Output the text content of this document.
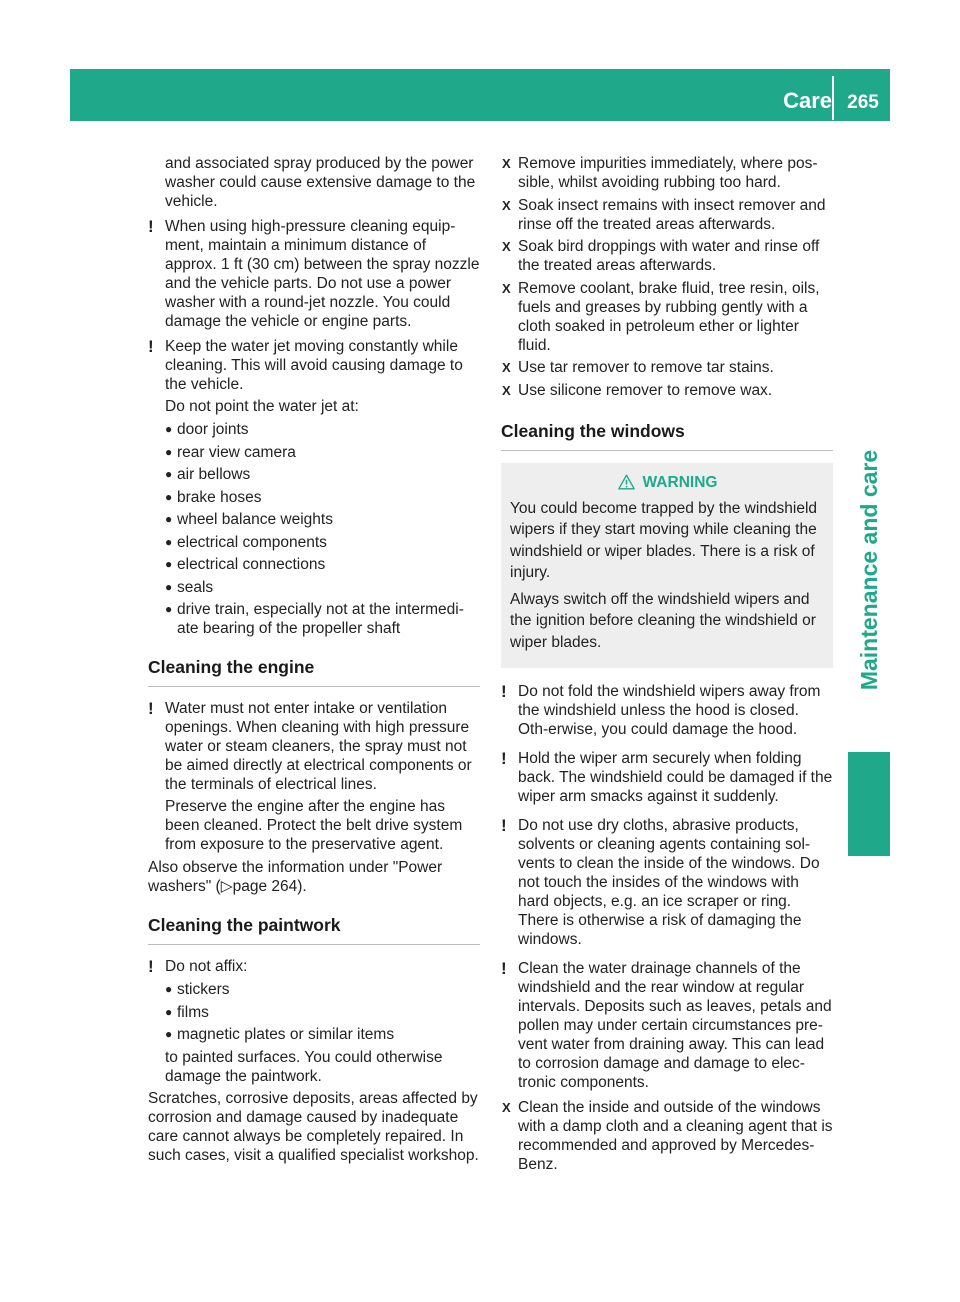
Care 265
Maintenance and care
and associated spray produced by the power
washer could cause extensive damage to the
vehicle.
! When using high-pressure cleaning equip-ment, maintain a minimum distance of approx. 1 ft (30 cm) between the spray nozzle and the vehicle parts. Do not use a power washer with a round-jet nozzle. You could damage the vehicle or engine parts.

! Keep the water jet moving constantly while cleaning. This will avoid causing damage to the vehicle.

Do not point the water jet at:

● door joints
● rear view camera
● air bellows
● brake hoses
● wheel balance weights
● electrical components
● electrical connections
● seals
● drive train, especially not at the intermedi-ate bearing of the propeller shaft
Cleaning the engine
! Water must not enter intake or ventilation openings. When cleaning with high pressure water or steam cleaners, the spray must not be aimed directly at electrical components or the terminals of electrical lines.

Preserve the engine after the engine has been cleaned. Protect the belt drive system from exposure to the preservative agent.

Also observe the information under "Power washers" (▷page 264).

Cleaning the paintwork
! Do not affix:

● stickers
● films
● magnetic plates or similar items

to painted surfaces. You could otherwise damage the paintwork.

Scratches, corrosive deposits, areas affected by corrosion and damage caused by inadequate care cannot always be completely repaired. In such cases, visit a qualified specialist workshop.

X Remove impurities immediately, where pos-sible, whilst avoiding rubbing too hard.
X Soak insect remains with insect remover and rinse off the treated areas afterwards.
X Soak bird droppings with water and rinse off the treated areas afterwards.
X Remove coolant, brake fluid, tree resin, oils, fuels and greases by rubbing gently with a cloth soaked in petroleum ether or lighter fluid.
X Use tar remover to remove tar stains.
X Use silicone remover to remove wax.
Cleaning the windows
WARNING

You could become trapped by the windshield wipers if they start moving while cleaning the windshield or wiper blades. There is a risk of injury.

Always switch off the windshield wipers and the ignition before cleaning the windshield or wiper blades.

! Do not fold the windshield wipers away from the windshield unless the hood is closed. Oth-erwise, you could damage the hood.

! Hold the wiper arm securely when folding back. The windshield could be damaged if the wiper arm smacks against it suddenly.

! Do not use dry cloths, abrasive products, solvents or cleaning agents containing sol-vents to clean the inside of the windows. Do not touch the insides of the windows with hard objects, e.g. an ice scraper or ring. There is otherwise a risk of damaging the windows.

! Clean the water drainage channels of the windshield and the rear window at regular intervals. Deposits such as leaves, petals and pollen may under certain circumstances pre-vent water from draining away. This can lead to corrosion damage and damage to elec-tronic components.

X Clean the inside and outside of the windows with a damp cloth and a cleaning agent that is recommended and approved by Mercedes-Benz.
